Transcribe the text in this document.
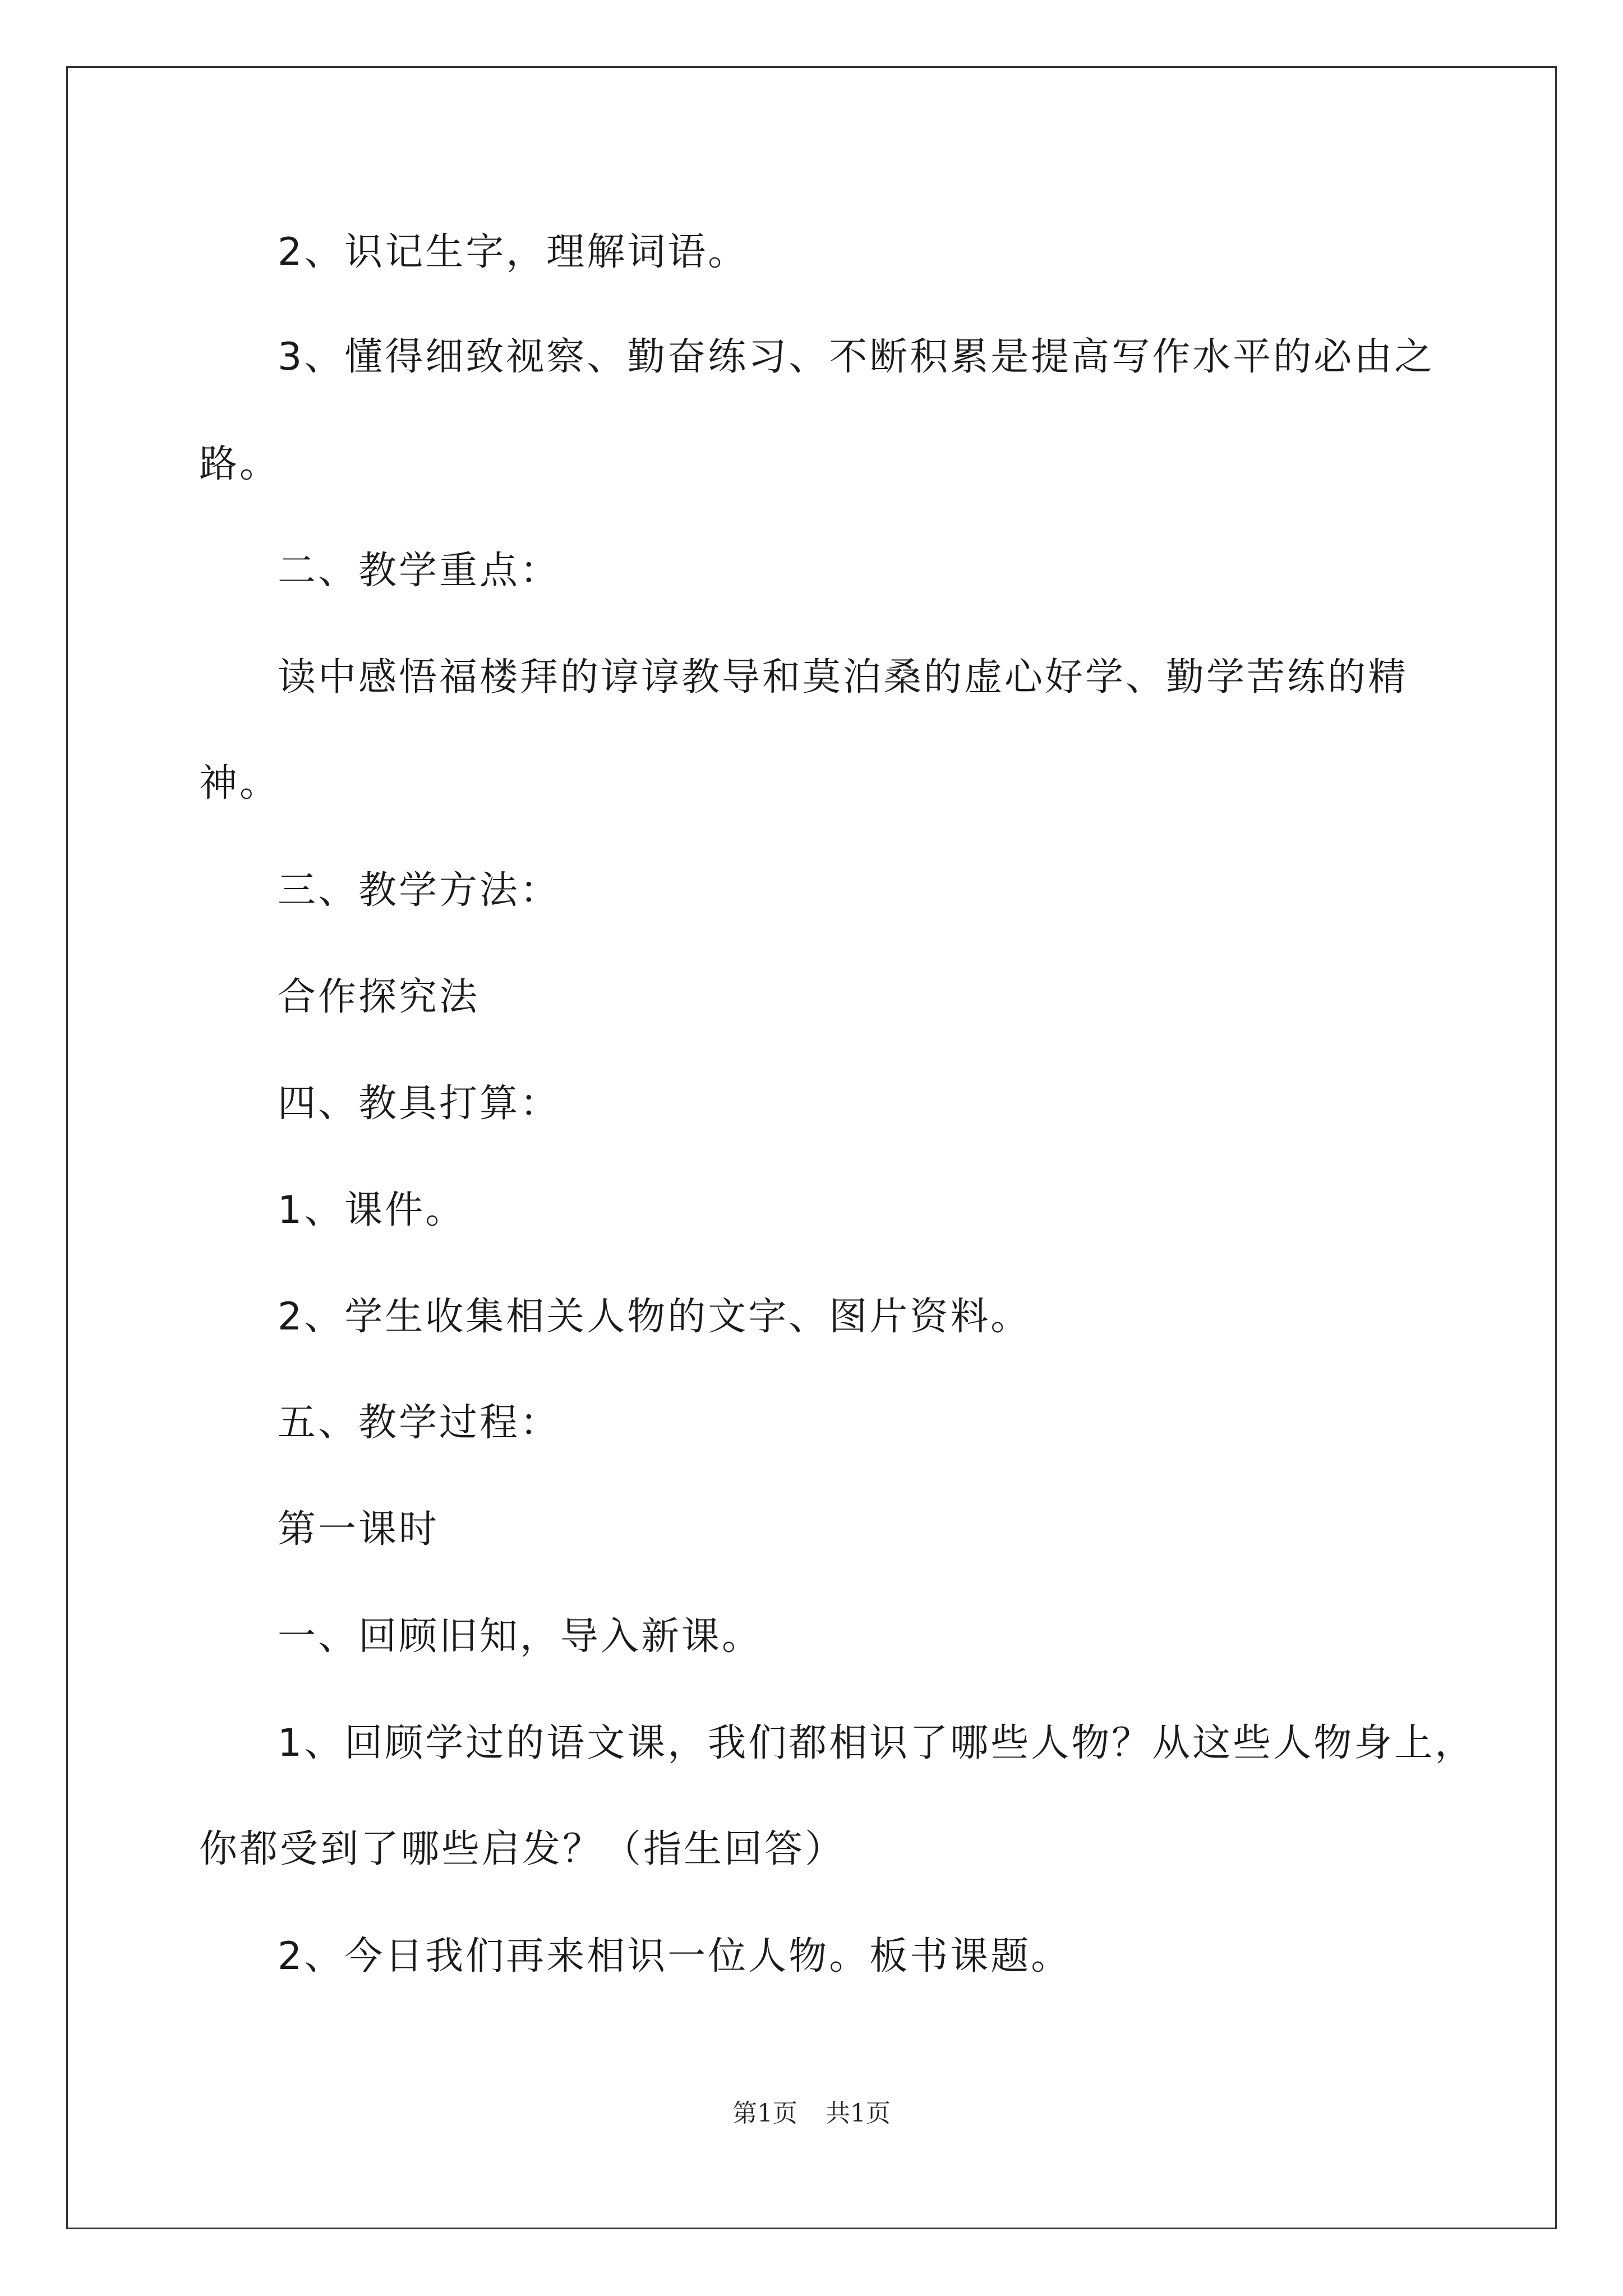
2、识记生字，理解词语。
3、懂得细致视察、勤奋练习、不断积累是提高写作水平的必由之
路。
二、教学重点：
读中感悟福楼拜的谆谆教导和莫泊桑的虚心好学、勤学苦练的精
神。
三、教学方法：
合作探究法
四、教具打算：
1、课件。
2、学生收集相关人物的文字、图片资料。
五、教学过程：
第一课时
一、回顾旧知，导入新课。
1、回顾学过的语文课，我们都相识了哪些人物？从这些人物身上，
你都受到了哪些启发？（指生回答）
2、今日我们再来相识一位人物。板书课题。
第1页 共1页
